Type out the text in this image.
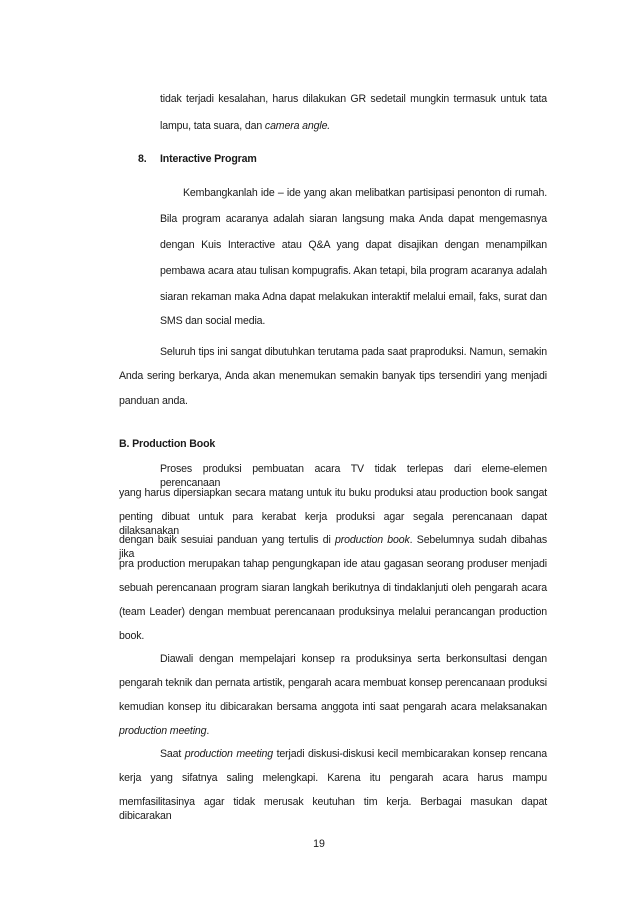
tidak terjadi kesalahan, harus dilakukan GR sedetail mungkin termasuk untuk tata
lampu, tata suara, dan camera angle.
8. Interactive Program
Kembangkanlah ide – ide yang akan melibatkan partisipasi penonton di rumah.
Bila program acaranya adalah siaran langsung maka Anda dapat mengemasnya
dengan Kuis Interactive atau Q&A yang dapat disajikan dengan menampilkan
pembawa acara atau tulisan kompugrafis. Akan tetapi, bila program acaranya adalah
siaran rekaman maka Adna dapat melakukan interaktif melalui email, faks, surat dan
SMS dan social media.
Seluruh tips ini sangat dibutuhkan terutama pada saat praproduksi. Namun, semakin
Anda sering berkarya, Anda akan menemukan semakin banyak tips tersendiri yang menjadi
panduan anda.
B. Production Book
Proses produksi pembuatan acara TV tidak terlepas dari eleme-elemen perencanaan
yang harus dipersiapkan secara matang untuk itu buku produksi atau production book sangat
penting dibuat untuk para kerabat kerja produksi agar segala perencanaan dapat dilaksanakan
dengan baik sesuiai panduan yang tertulis di production book. Sebelumnya sudah dibahas jika
pra production merupakan tahap pengungkapan ide atau gagasan seorang produser menjadi
sebuah perencanaan program siaran langkah berikutnya di tindaklanjuti oleh pengarah acara
(team Leader) dengan membuat perencanaan produksinya melalui perancangan production
book.
Diawali dengan mempelajari konsep ra produksinya serta berkonsultasi dengan
pengarah teknik dan pernata artistik, pengarah acara membuat konsep perencanaan produksi
kemudian konsep itu dibicarakan bersama anggota inti saat pengarah acara melaksanakan
production meeting.
Saat production meeting terjadi diskusi-diskusi kecil membicarakan konsep rencana
kerja yang sifatnya saling melengkapi. Karena itu pengarah acara harus mampu
memfasilitasinya agar tidak merusak keutuhan tim kerja. Berbagai masukan dapat dibicarakan
19
